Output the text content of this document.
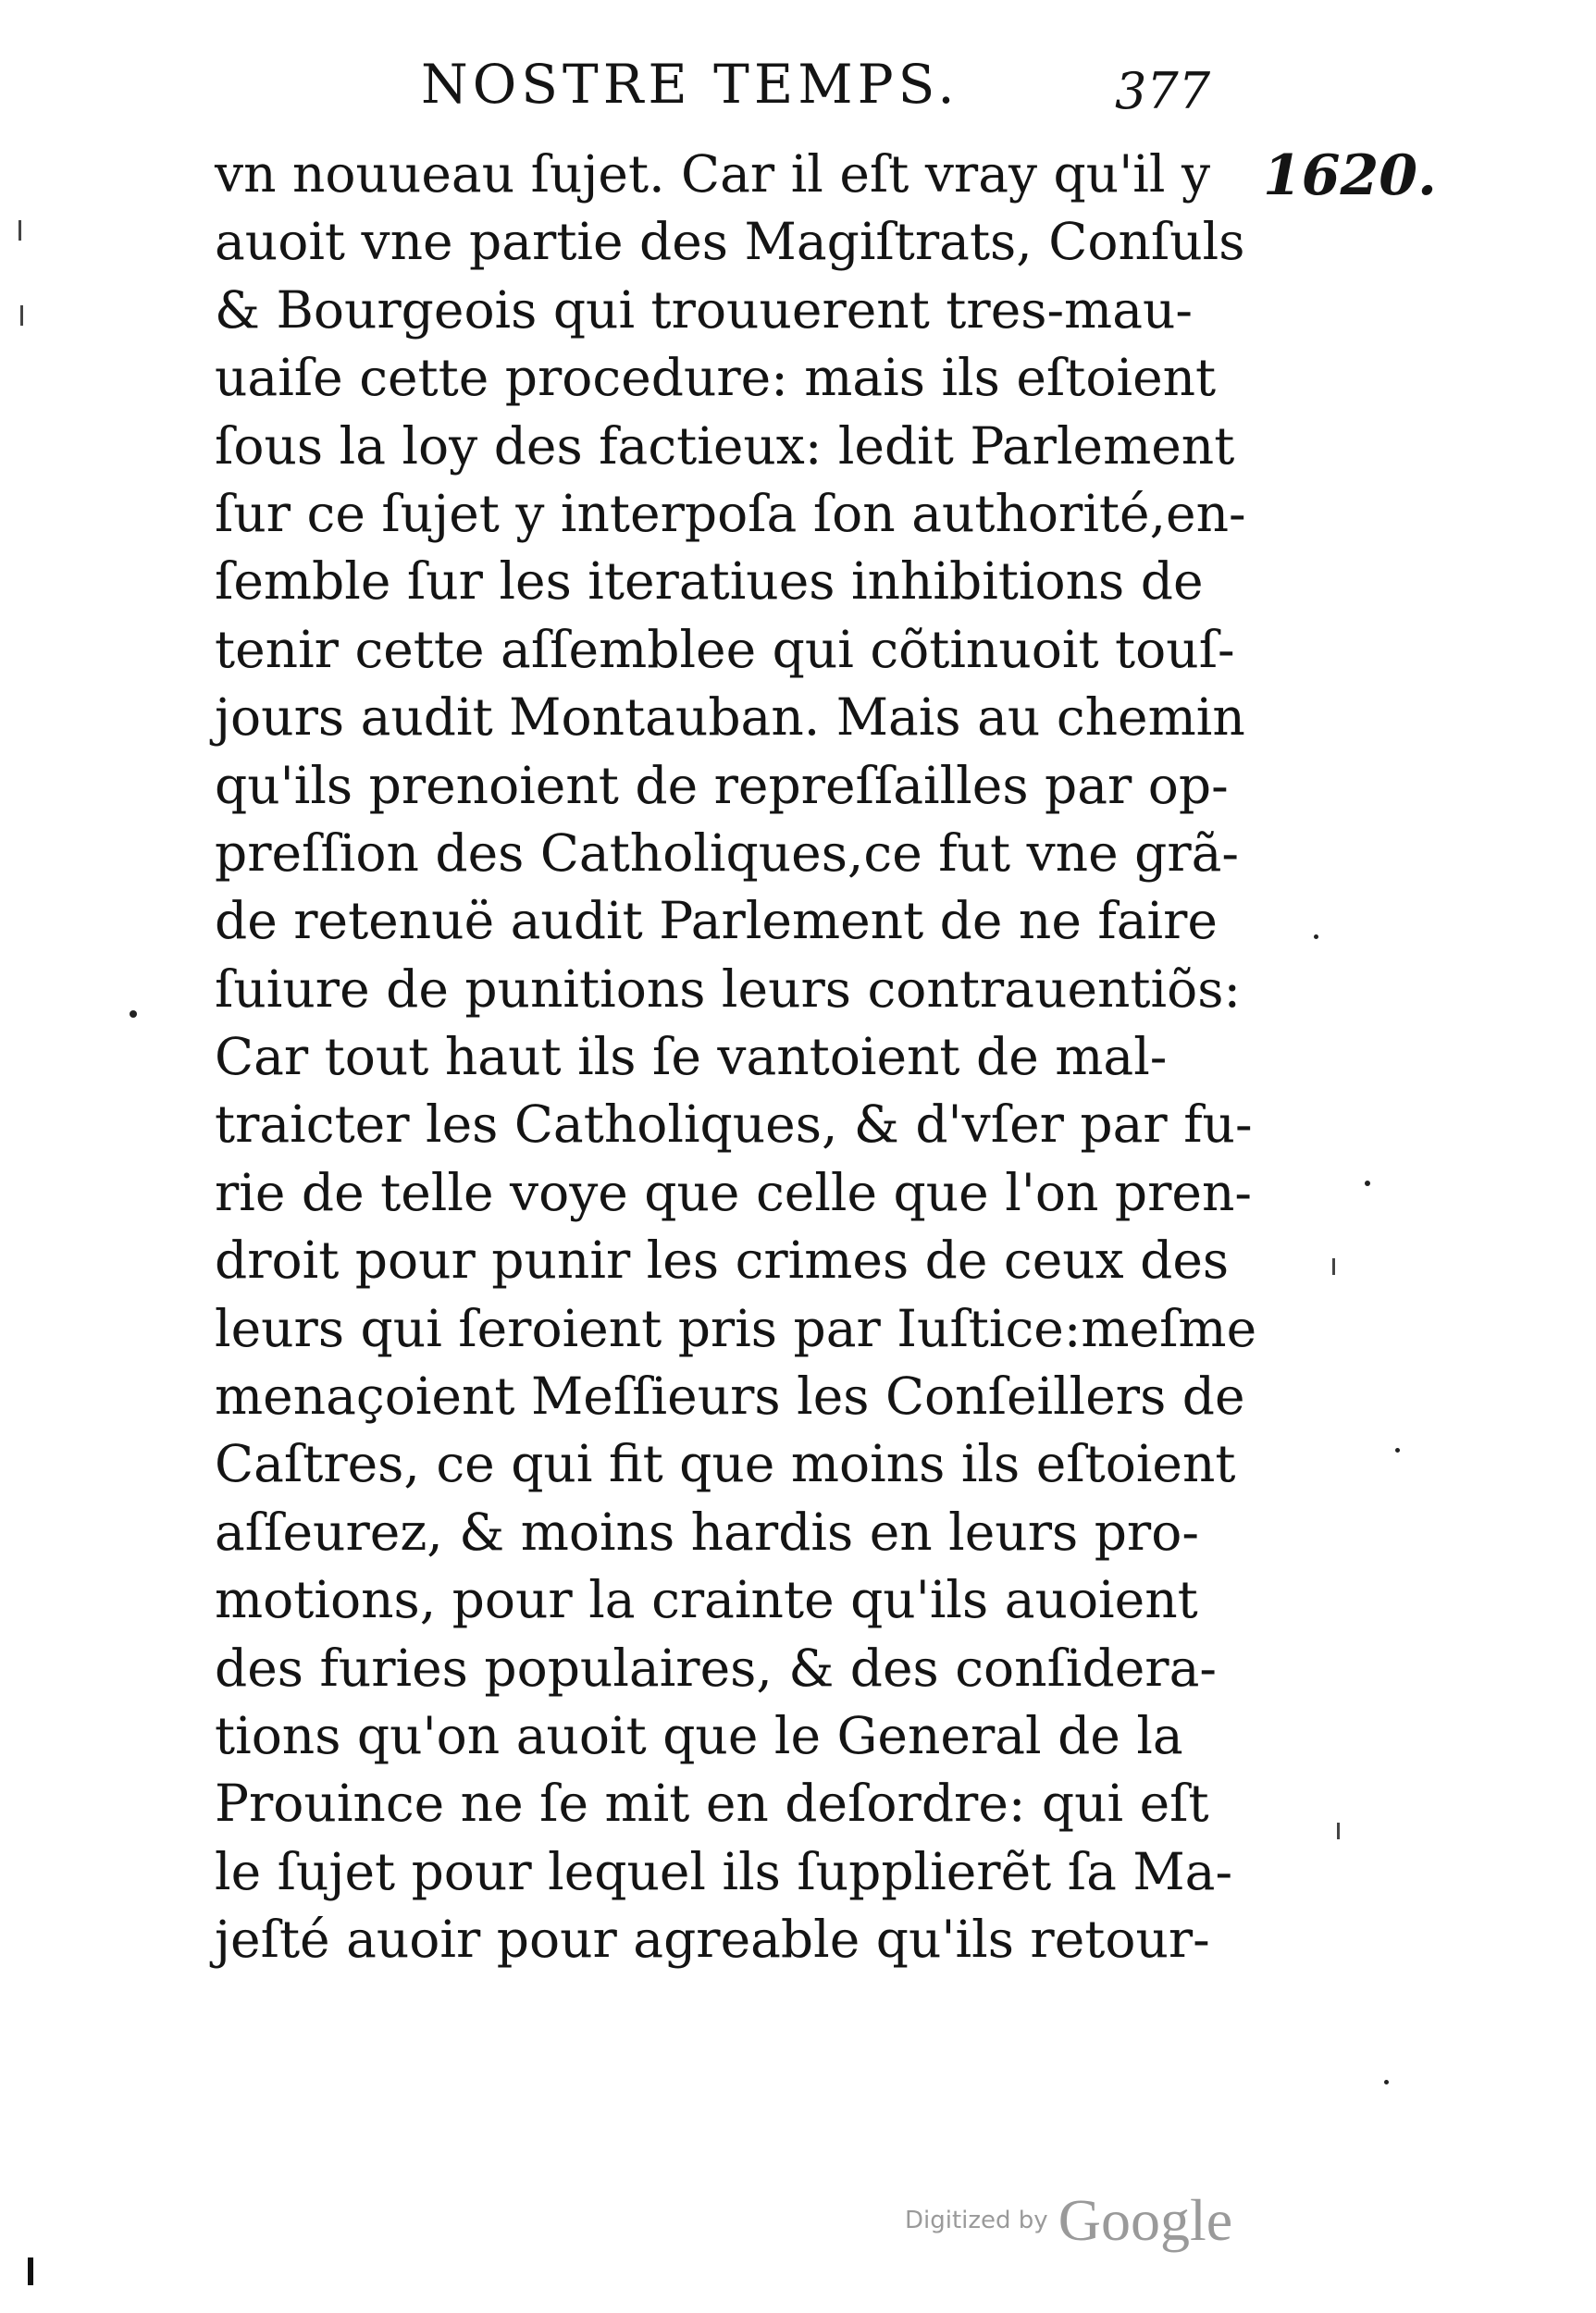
NOSTRE TEMPS.	377
1620.
vn nouueau ſujet. Car il eſt vray qu'il y
auoit vne partie des Magiſtrats, Conſuls
& Bourgeois qui trouuerent tres-mau-
uaiſe cette procedure: mais ils eſtoient
ſous la loy des factieux: ledit Parlement
ſur ce ſujet y interpoſa ſon authorité,en-
ſemble ſur les iteratiues inhibitions de
tenir cette aſſemblee qui cõtinuoit touſ-
jours audit Montauban. Mais au chemin
qu'ils prenoient de repreſſailles par op-
preſſion des Catholiques,ce fut vne grã-
de retenuë audit Parlement de ne faire
ſuiure de punitions leurs contrauentiõs:
Car tout haut ils ſe vantoient de mal-
traicter les Catholiques, & d'vſer par fu-
rie de telle voye que celle que l'on pren-
droit pour punir les crimes de ceux des
leurs qui ſeroient pris par Iuſtice:meſme
menaçoient Meſſieurs les Conſeillers de
Caſtres, ce qui fit que moins ils eſtoient
aſſeurez, & moins hardis en leurs pro-
motions, pour la crainte qu'ils auoient
des furies populaires, & des conſidera-
tions qu'on auoit que le General de la
Prouince ne ſe mit en deſordre: qui eſt
le ſujet pour lequel ils ſupplierẽt ſa Ma-
jeſté auoir pour agreable qu'ils retour-
Digitized by Google
